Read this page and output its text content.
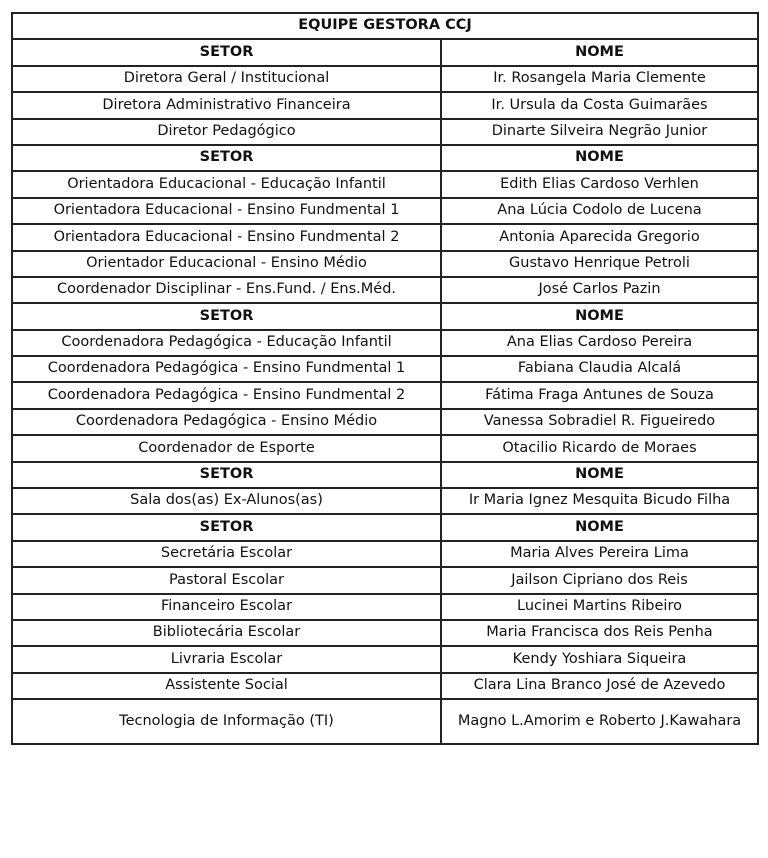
EQUIPE GESTORA CCJ	
SETOR	NOME
Diretora Geral / Institucional	Ir. Rosangela Maria Clemente
Diretora Administrativo Financeira	Ir. Ursula da Costa Guimarães
Diretor Pedagógico	Dinarte Silveira Negrão Junior
SETOR	NOME
Orientadora Educacional - Educação Infantil	Edith Elias Cardoso Verhlen
Orientadora Educacional - Ensino Fundmental 1	Ana Lúcia Codolo de Lucena
Orientadora Educacional - Ensino Fundmental 2	Antonia Aparecida Gregorio
Orientador Educacional - Ensino Médio	Gustavo Henrique Petroli
Coordenador Disciplinar - Ens.Fund. / Ens.Méd.	José Carlos Pazin
SETOR	NOME
Coordenadora Pedagógica - Educação Infantil	Ana Elias Cardoso Pereira
Coordenadora Pedagógica - Ensino Fundmental 1	Fabiana Claudia Alcalá
Coordenadora Pedagógica - Ensino Fundmental 2	Fátima Fraga Antunes de Souza
Coordenadora Pedagógica - Ensino Médio	Vanessa Sobradiel R. Figueiredo
Coordenador de Esporte	Otacilio Ricardo de Moraes
SETOR	NOME
Sala dos(as) Ex-Alunos(as)	Ir Maria Ignez Mesquita Bicudo Filha
SETOR	NOME
Secretária Escolar	Maria Alves Pereira Lima
Pastoral Escolar	Jailson Cipriano dos Reis
Financeiro Escolar	Lucinei Martins Ribeiro
Bibliotecária Escolar	Maria Francisca dos Reis Penha
Livraria Escolar	Kendy Yoshiara Siqueira
Assistente Social	Clara Lina Branco José de Azevedo
Tecnologia de Informação (TI)	Magno L.Amorim e Roberto J.Kawahara
